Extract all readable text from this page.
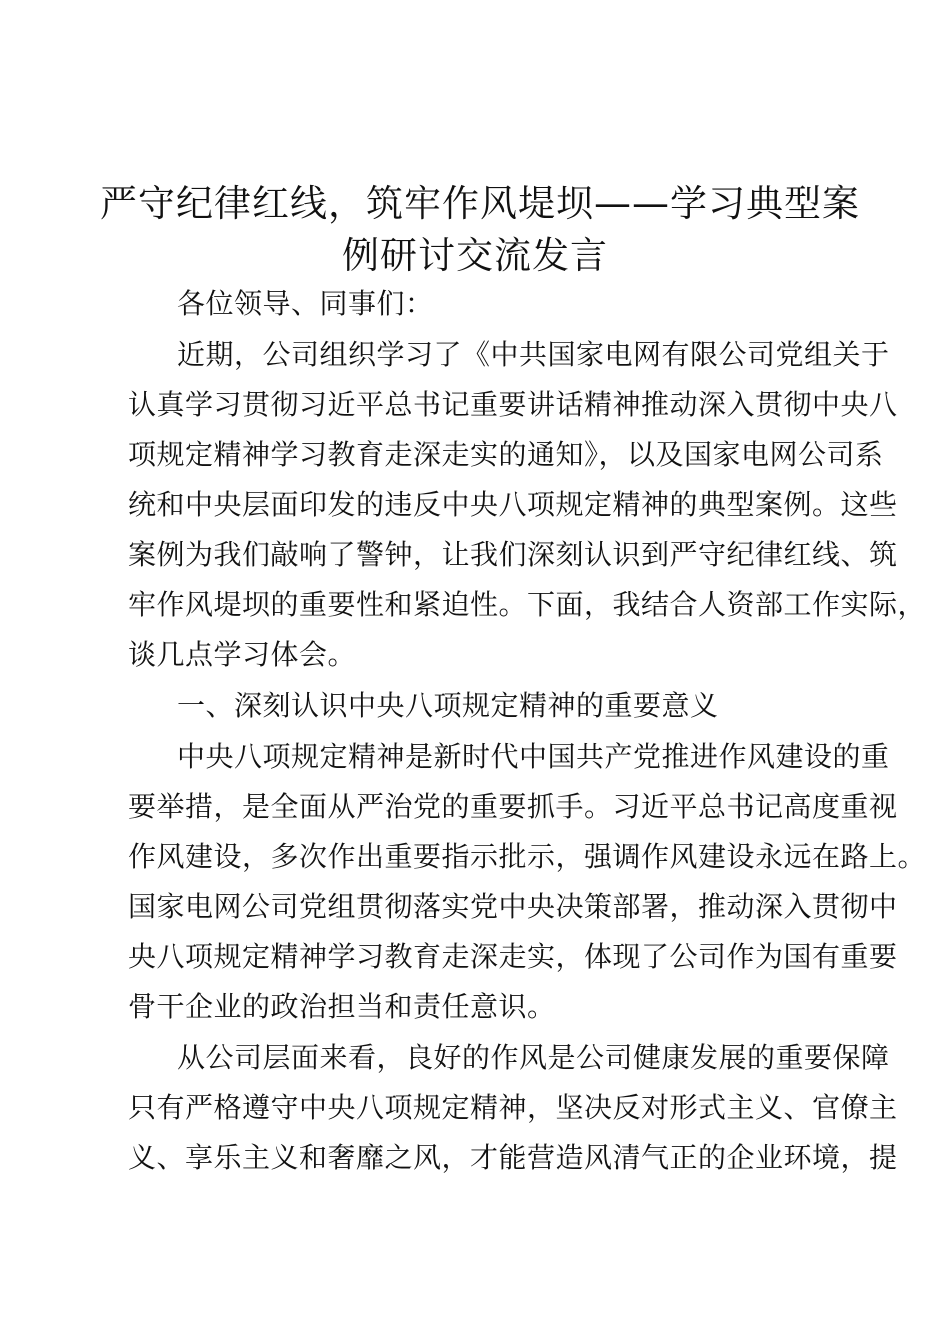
严守纪律红线，筑牢作风堤坝——学习典型案
例研讨交流发言
各位领导、同事们：
近期，公司组织学习了《中共国家电网有限公司党组关于
认真学习贯彻习近平总书记重要讲话精神推动深入贯彻中央八
项规定精神学习教育走深走实的通知》，以及国家电网公司系
统和中央层面印发的违反中央八项规定精神的典型案例。这些
案例为我们敲响了警钟，让我们深刻认识到严守纪律红线、筑
牢作风堤坝的重要性和紧迫性。下面，我结合人资部工作实际，
谈几点学习体会。
一、深刻认识中央八项规定精神的重要意义
中央八项规定精神是新时代中国共产党推进作风建设的重
要举措，是全面从严治党的重要抓手。习近平总书记高度重视
作风建设，多次作出重要指示批示，强调作风建设永远在路上。
国家电网公司党组贯彻落实党中央决策部署，推动深入贯彻中
央八项规定精神学习教育走深走实，体现了公司作为国有重要
骨干企业的政治担当和责任意识。
从公司层面来看，良好的作风是公司健康发展的重要保障
只有严格遵守中央八项规定精神，坚决反对形式主义、官僚主
义、享乐主义和奢靡之风，才能营造风清气正的企业环境，提
